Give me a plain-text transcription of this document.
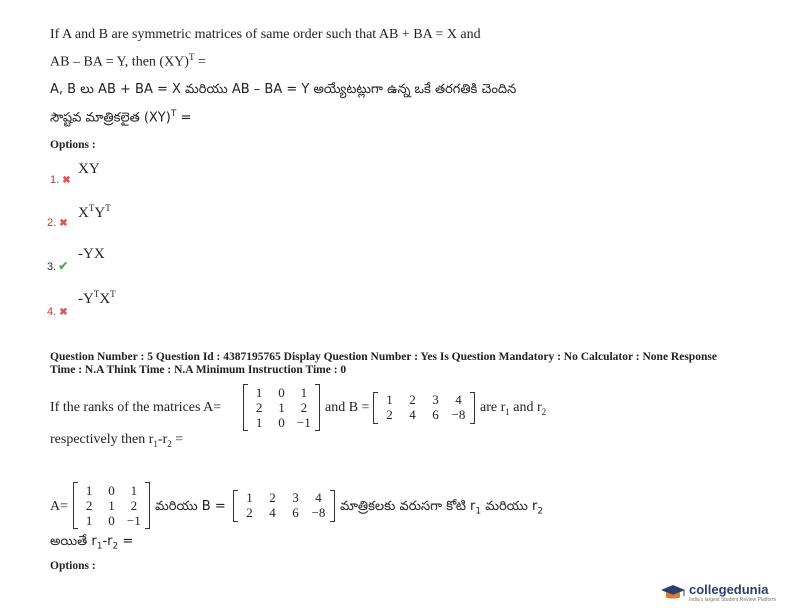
If A and B are symmetric matrices of same order such that AB + BA = X and
AB – BA = Y, then (XY)$^T$ =
A, B లు AB + BA = X మరియు AB – BA = Y అయ్యేటట్లుగా ఉన్న ఒకే తరగతికి చెందిన
సౌష్టవ మాత్రికలైత (XY)$^T$ =
Options :
1. ✖
XY
2. ✖
$X^TY^T$
3. ✔
-YX
4. ✖
$-Y^TX^T$
Question Number : 5 Question Id : 4387195765 Display Question Number : Yes Is Question Mandatory : No Calculator : None Response
Time : N.A Think Time : N.A Minimum Instruction Time : 0
If the ranks of the matrices A=
1	0	1
2	1	2
1	0 −1
and B =
1	2	3	4
2	4	6 −8	are $r_1$ and $r_2$
respectively then $r_1-r_2$ =
A=
1	0	1
2	1	2
1	0 −1
మరియు B =
1	2	3	4
2	4	6 −8	మాత్రికలకు వరుసగా కోటి $r_1$ మరియు $r_2$
అయితే $r_1-r_2$ =
Options :
collegedunia
India's largest Student Review Platform
